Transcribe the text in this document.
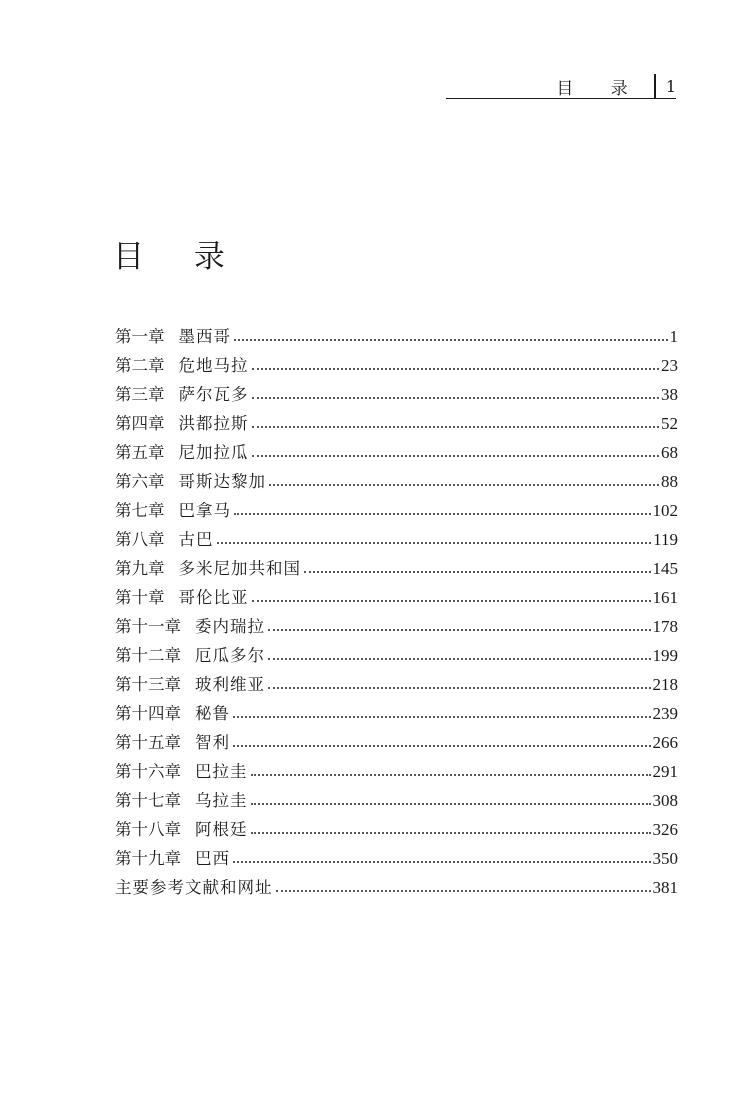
目 录 1
目 录
第一章 墨西哥	1
第二章 危地马拉	23
第三章 萨尔瓦多	38
第四章 洪都拉斯	52
第五章 尼加拉瓜	68
第六章 哥斯达黎加	88
第七章 巴拿马	102
第八章 古巴	119
第九章 多米尼加共和国	145
第十章 哥伦比亚	161
第十一章 委内瑞拉	178
第十二章 厄瓜多尔	199
第十三章 玻利维亚	218
第十四章 秘鲁	239
第十五章 智利	266
第十六章 巴拉圭	291
第十七章 乌拉圭	308
第十八章 阿根廷	326
第十九章 巴西	350
主要参考文献和网址	381
